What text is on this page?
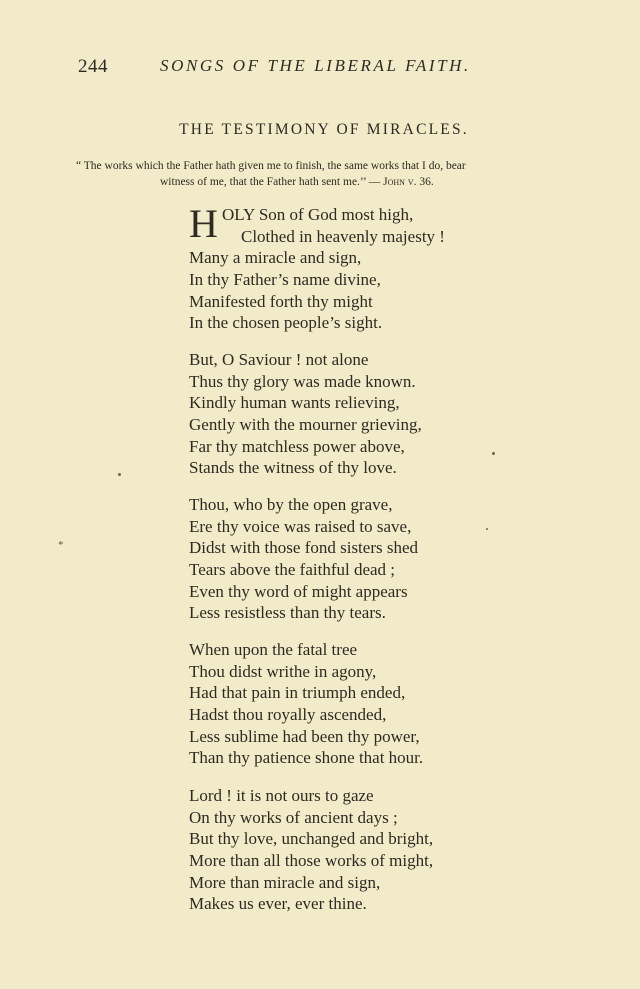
244	SONGS OF THE LIBERAL FAITH.
THE TESTIMONY OF MIRACLES.
“ The works which the Father hath given me to finish, the same works that I do, bear
witness of me, that the Father hath sent me.’’ — John v. 36.
H OLY Son of God most high,
Clothed in heavenly majesty !
Many a miracle and sign,
In thy Father’s name divine,
Manifested forth thy might
In the chosen people’s sight.
But, O Saviour ! not alone
Thus thy glory was made known.
Kindly human wants relieving,
Gently with the mourner grieving,
Far thy matchless power above,
Stands the witness of thy love.
Thou, who by the open grave,
Ere thy voice was raised to save,
Didst with those fond sisters shed
Tears above the faithful dead ;
Even thy word of might appears
Less resistless than thy tears.
When upon the fatal tree
Thou didst writhe in agony,
Had that pain in triumph ended,
Hadst thou royally ascended,
Less sublime had been thy power,
Than thy patience shone that hour.
Lord ! it is not ours to gaze
On thy works of ancient days ;
But thy love, unchanged and bright,
More than all those works of might,
More than miracle and sign,
Makes us ever, ever thine.
*
